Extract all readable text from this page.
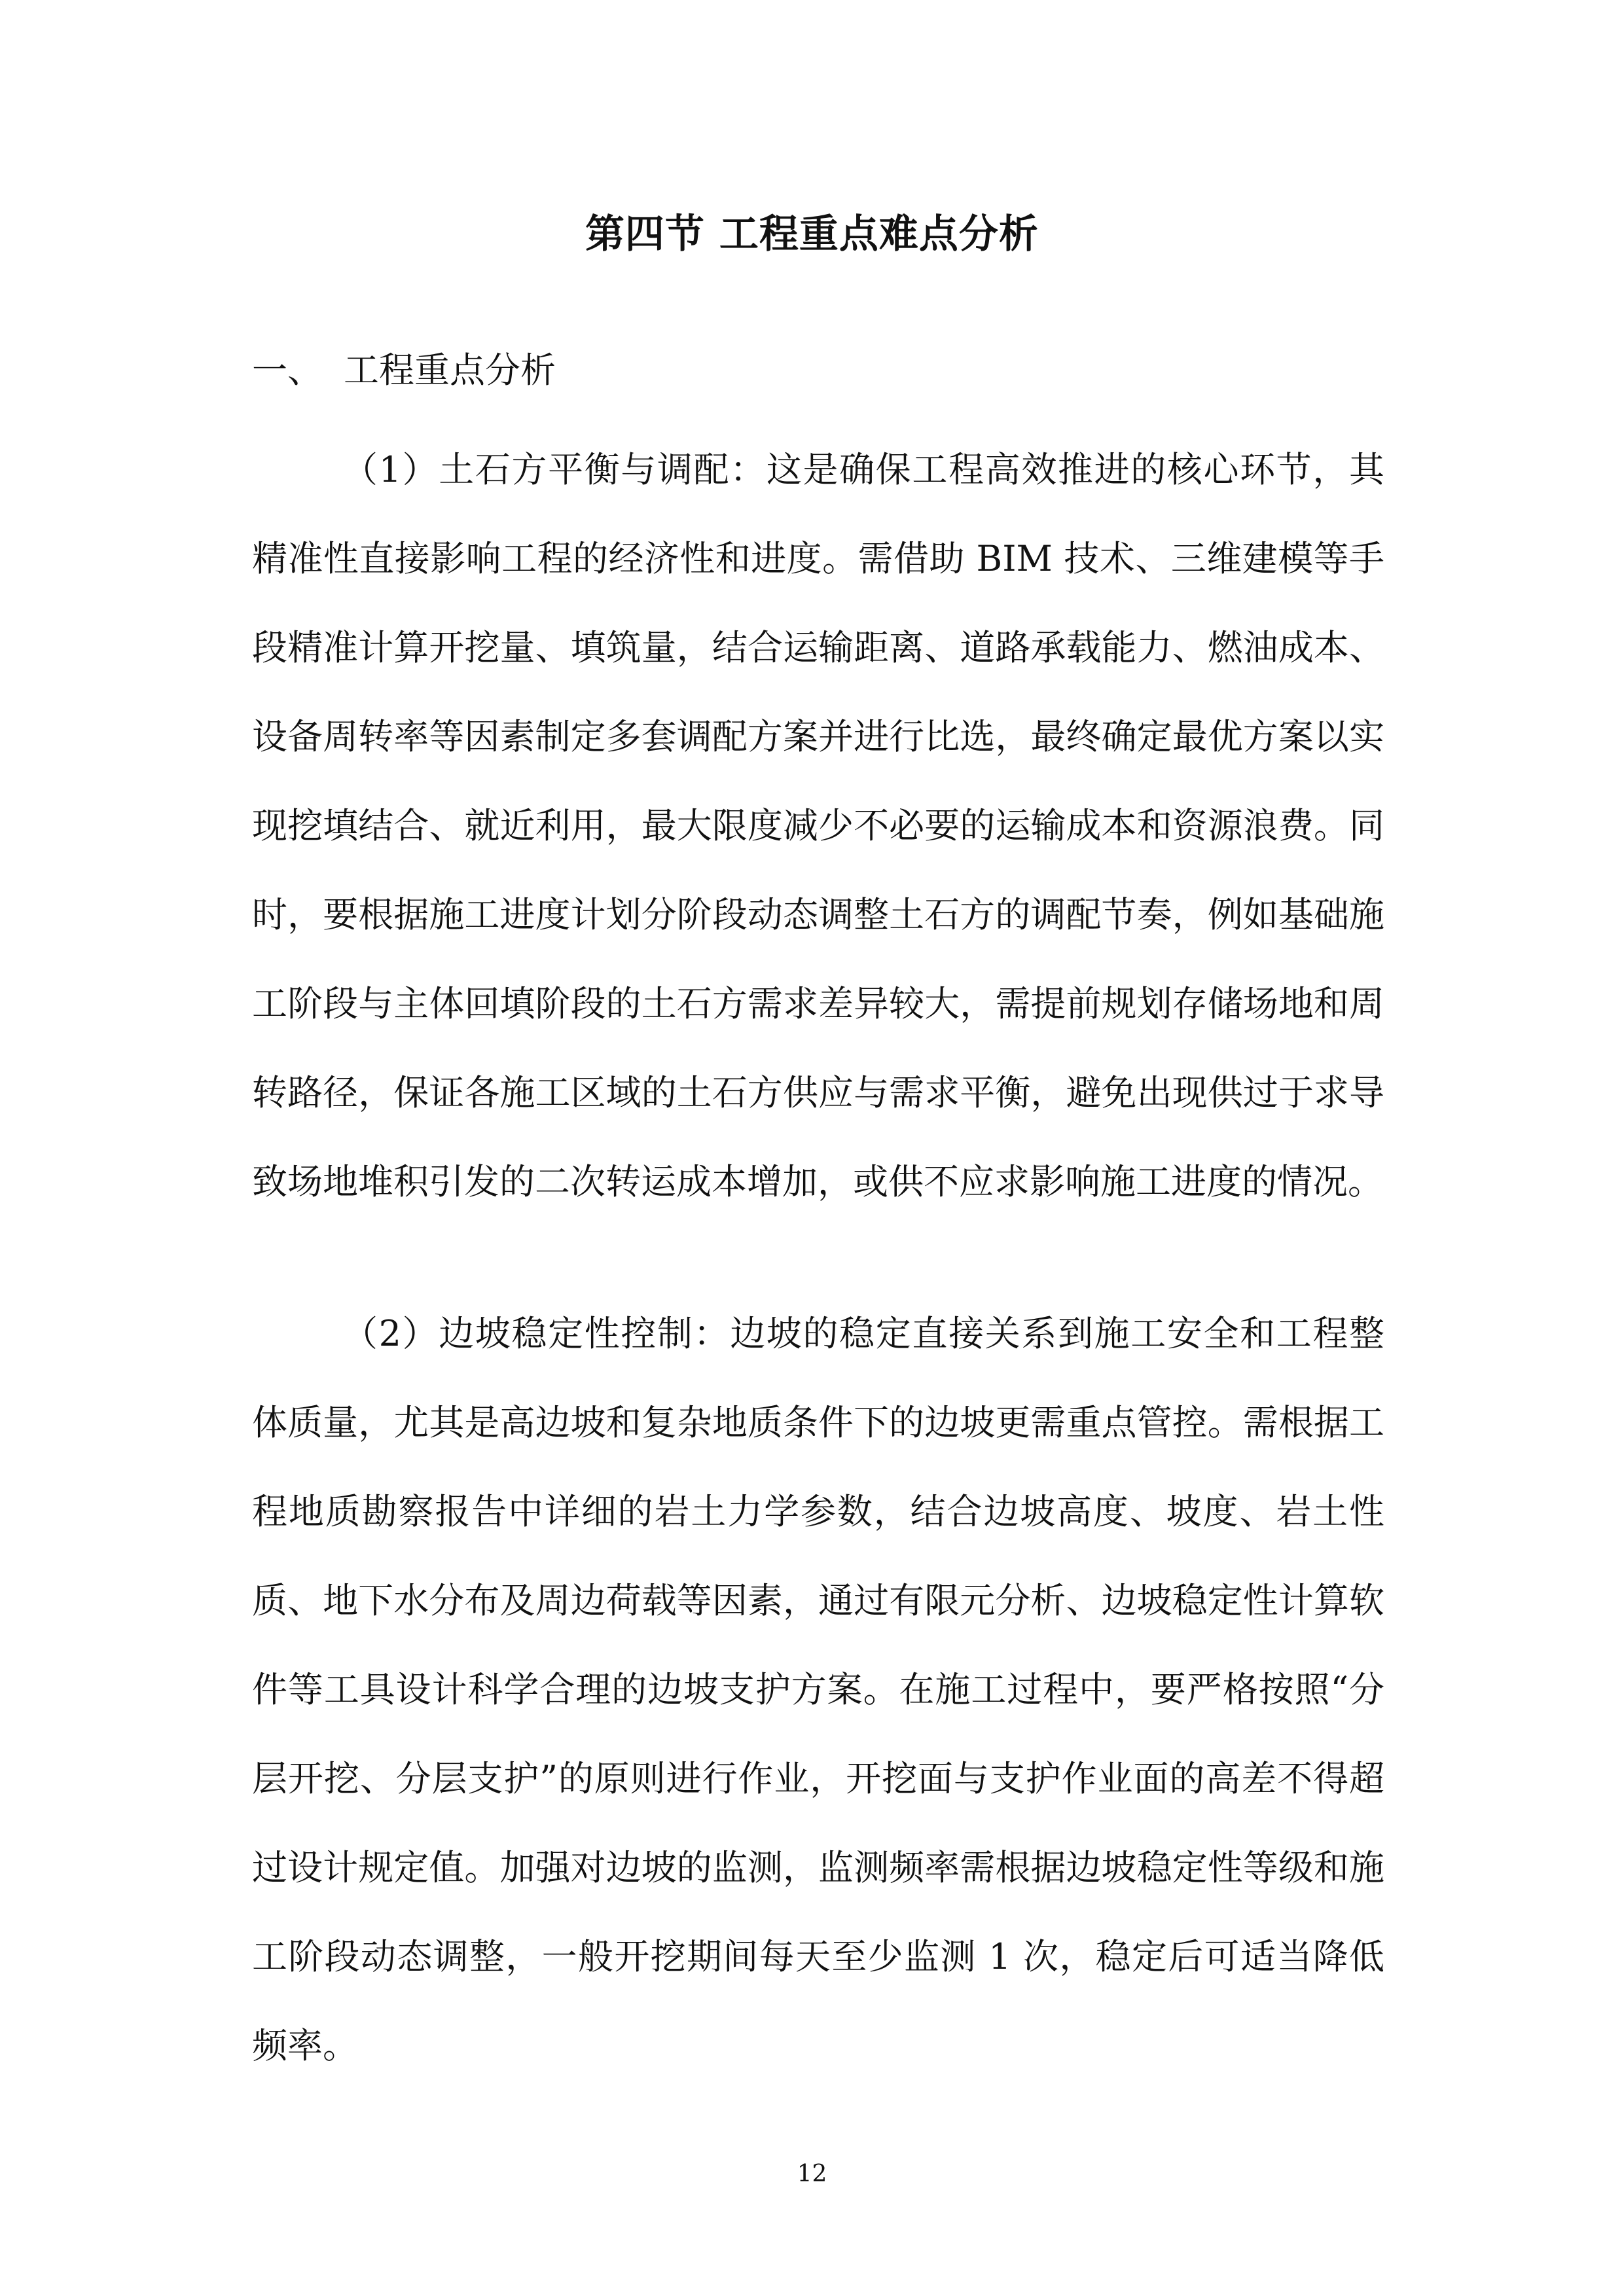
第四节 工程重点难点分析
一、 工程重点分析

（1）土石方平衡与调配：这是确保工程高效推进的核心环节，其精准性直接影响工程的经济性和进度。需借助 BIM 技术、三维建模等手段精准计算开挖量、填筑量，结合运输距离、道路承载能力、燃油成本、设备周转率等因素制定多套调配方案并进行比选，最终确定最优方案以实现挖填结合、就近利用，最大限度减少不必要的运输成本和资源浪费。同时，要根据施工进度计划分阶段动态调整土石方的调配节奏，例如基础施工阶段与主体回填阶段的土石方需求差异较大，需提前规划存储场地和周转路径，保证各施工区域的土石方供应与需求平衡，避免出现供过于求导致场地堆积引发的二次转运成本增加，或供不应求影响施工进度的情况。

（2）边坡稳定性控制：边坡的稳定直接关系到施工安全和工程整体质量，尤其是高边坡和复杂地质条件下的边坡更需重点管控。需根据工程地质勘察报告中详细的岩土力学参数，结合边坡高度、坡度、岩土性质、地下水分布及周边荷载等因素，通过有限元分析、边坡稳定性计算软件等工具设计科学合理的边坡支护方案。在施工过程中，要严格按照“分层开挖、分层支护”的原则进行作业，开挖面与支护作业面的高差不得超过设计规定值。加强对边坡的监测，监测频率需根据边坡稳定性等级和施工阶段动态调整，一般开挖期间每天至少监测 1 次，稳定后可适当降低频率。

12
